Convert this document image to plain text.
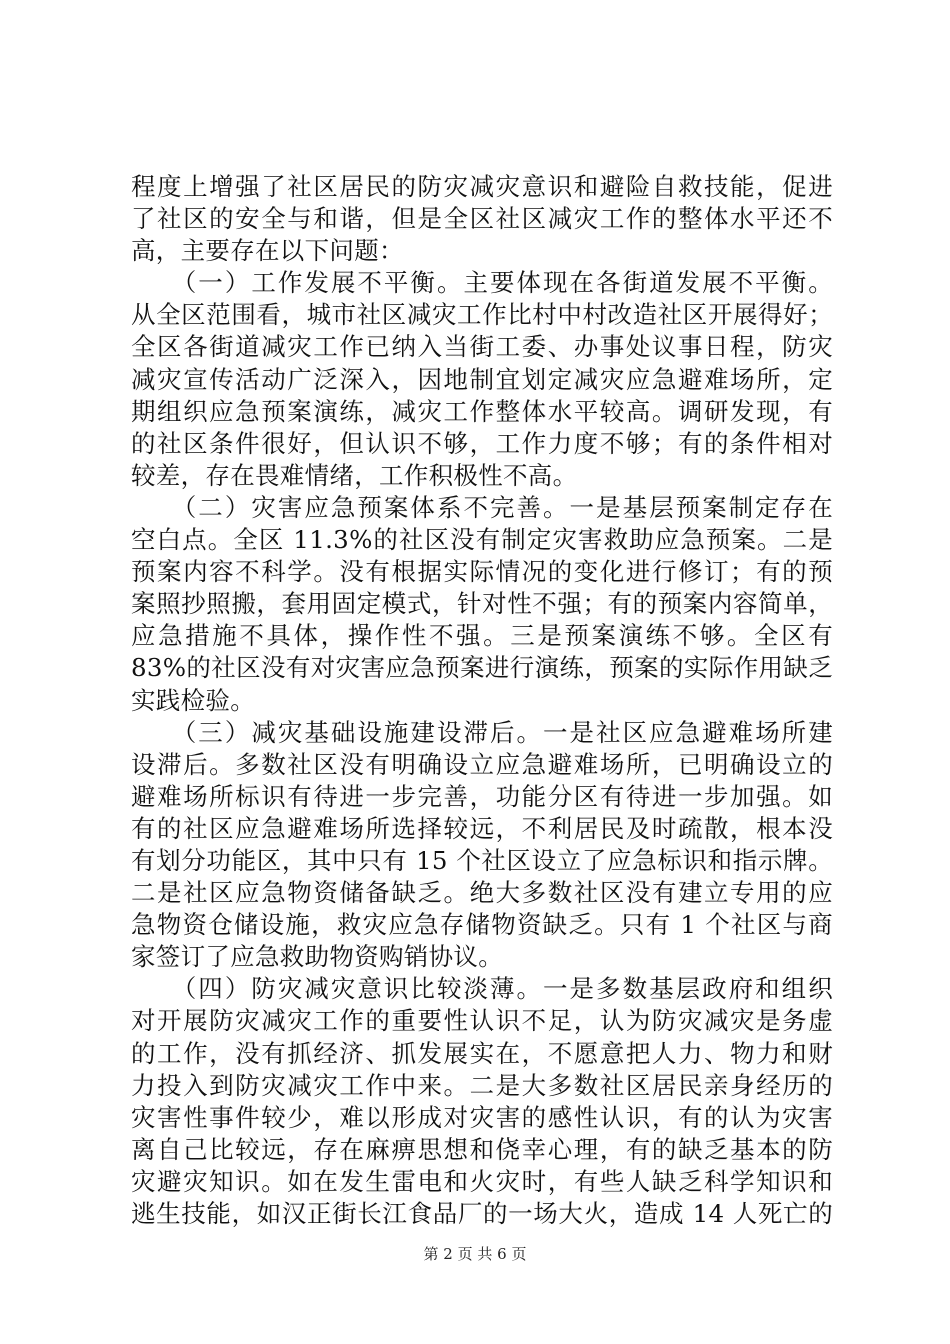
程度上增强了社区居民的防灾减灾意识和避险自救技能，促进
了社区的安全与和谐，但是全区社区减灾工作的整体水平还不
高，主要存在以下问题：
　　（一）工作发展不平衡。主要体现在各街道发展不平衡。
从全区范围看，城市社区减灾工作比村中村改造社区开展得好；
全区各街道减灾工作已纳入当街工委、办事处议事日程，防灾
减灾宣传活动广泛深入，因地制宜划定减灾应急避难场所，定
期组织应急预案演练，减灾工作整体水平较高。调研发现，有
的社区条件很好，但认识不够，工作力度不够；有的条件相对
较差，存在畏难情绪，工作积极性不高。
　　（二）灾害应急预案体系不完善。一是基层预案制定存在
空白点。全区 11.3%的社区没有制定灾害救助应急预案。二是
预案内容不科学。没有根据实际情况的变化进行修订；有的预
案照抄照搬，套用固定模式，针对性不强；有的预案内容简单，
应急措施不具体，操作性不强。三是预案演练不够。全区有
83%的社区没有对灾害应急预案进行演练，预案的实际作用缺乏
实践检验。
　　（三）减灾基础设施建设滞后。一是社区应急避难场所建
设滞后。多数社区没有明确设立应急避难场所，已明确设立的
避难场所标识有待进一步完善，功能分区有待进一步加强。如
有的社区应急避难场所选择较远，不利居民及时疏散，根本没
有划分功能区，其中只有 15 个社区设立了应急标识和指示牌。
二是社区应急物资储备缺乏。绝大多数社区没有建立专用的应
急物资仓储设施，救灾应急存储物资缺乏。只有 1 个社区与商
家签订了应急救助物资购销协议。
　　（四）防灾减灾意识比较淡薄。一是多数基层政府和组织
对开展防灾减灾工作的重要性认识不足，认为防灾减灾是务虚
的工作，没有抓经济、抓发展实在，不愿意把人力、物力和财
力投入到防灾减灾工作中来。二是大多数社区居民亲身经历的
灾害性事件较少，难以形成对灾害的感性认识，有的认为灾害
离自己比较远，存在麻痹思想和侥幸心理，有的缺乏基本的防
灾避灾知识。如在发生雷电和火灾时，有些人缺乏科学知识和
逃生技能，如汉正街长江食品厂的一场大火，造成 14 人死亡的
第 2 页 共 6 页
